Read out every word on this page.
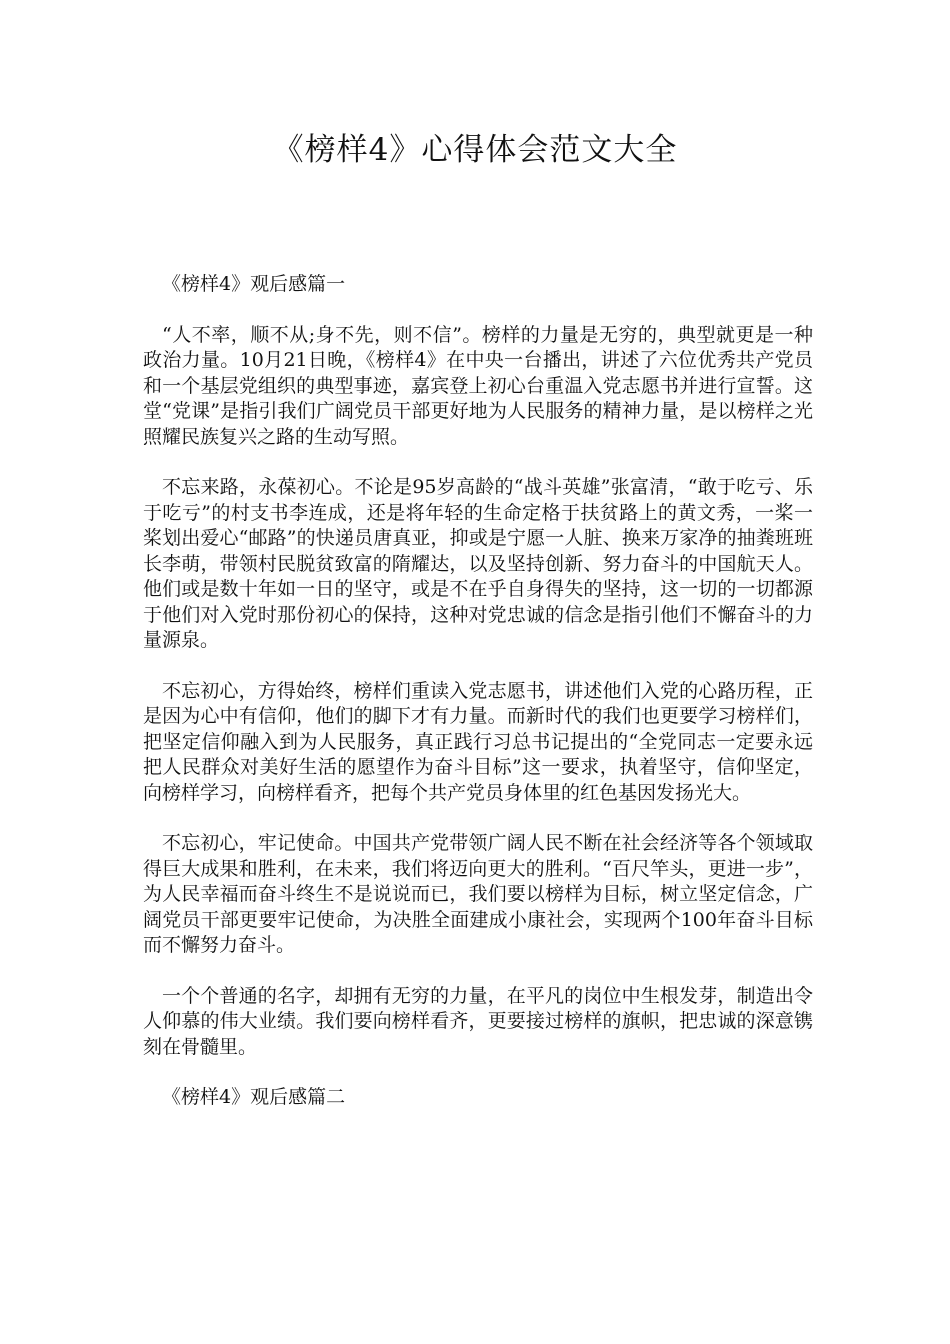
《榜样4》心得体会范文大全

《榜样4》观后感篇一

“人不率，顺不从;身不先，则不信”。榜样的力量是无穷的，典型就更是一种政治力量。10月21日晚，《榜样4》在中央一台播出，讲述了六位优秀共产党员和一个基层党组织的典型事迹，嘉宾登上初心台重温入党志愿书并进行宣誓。这堂“党课”是指引我们广阔党员干部更好地为人民服务的精神力量，是以榜样之光照耀民族复兴之路的生动写照。

不忘来路，永葆初心。不论是95岁高龄的“战斗英雄”张富清，“敢于吃亏、乐于吃亏”的村支书李连成，还是将年轻的生命定格于扶贫路上的黄文秀，一桨一桨划出爱心“邮路”的快递员唐真亚，抑或是宁愿一人脏、换来万家净的抽粪班班长李萌，带领村民脱贫致富的隋耀达，以及坚持创新、努力奋斗的中国航天人。他们或是数十年如一日的坚守，或是不在乎自身得失的坚持，这一切的一切都源于他们对入党时那份初心的保持，这种对党忠诚的信念是指引他们不懈奋斗的力量源泉。

不忘初心，方得始终，榜样们重读入党志愿书，讲述他们入党的心路历程，正是因为心中有信仰，他们的脚下才有力量。而新时代的我们也更要学习榜样们，把坚定信仰融入到为人民服务，真正践行习总书记提出的“全党同志一定要永远把人民群众对美好生活的愿望作为奋斗目标”这一要求，执着坚守，信仰坚定，向榜样学习，向榜样看齐，把每个共产党员身体里的红色基因发扬光大。

不忘初心，牢记使命。中国共产党带领广阔人民不断在社会经济等各个领域取得巨大成果和胜利，在未来，我们将迈向更大的胜利。“百尺竿头，更进一步”，为人民幸福而奋斗终生不是说说而已，我们要以榜样为目标，树立坚定信念，广阔党员干部更要牢记使命，为决胜全面建成小康社会，实现两个100年奋斗目标而不懈努力奋斗。

一个个普通的名字，却拥有无穷的力量，在平凡的岗位中生根发芽，制造出令人仰慕的伟大业绩。我们要向榜样看齐，更要接过榜样的旗帜，把忠诚的深意镌刻在骨髓里。

《榜样4》观后感篇二
